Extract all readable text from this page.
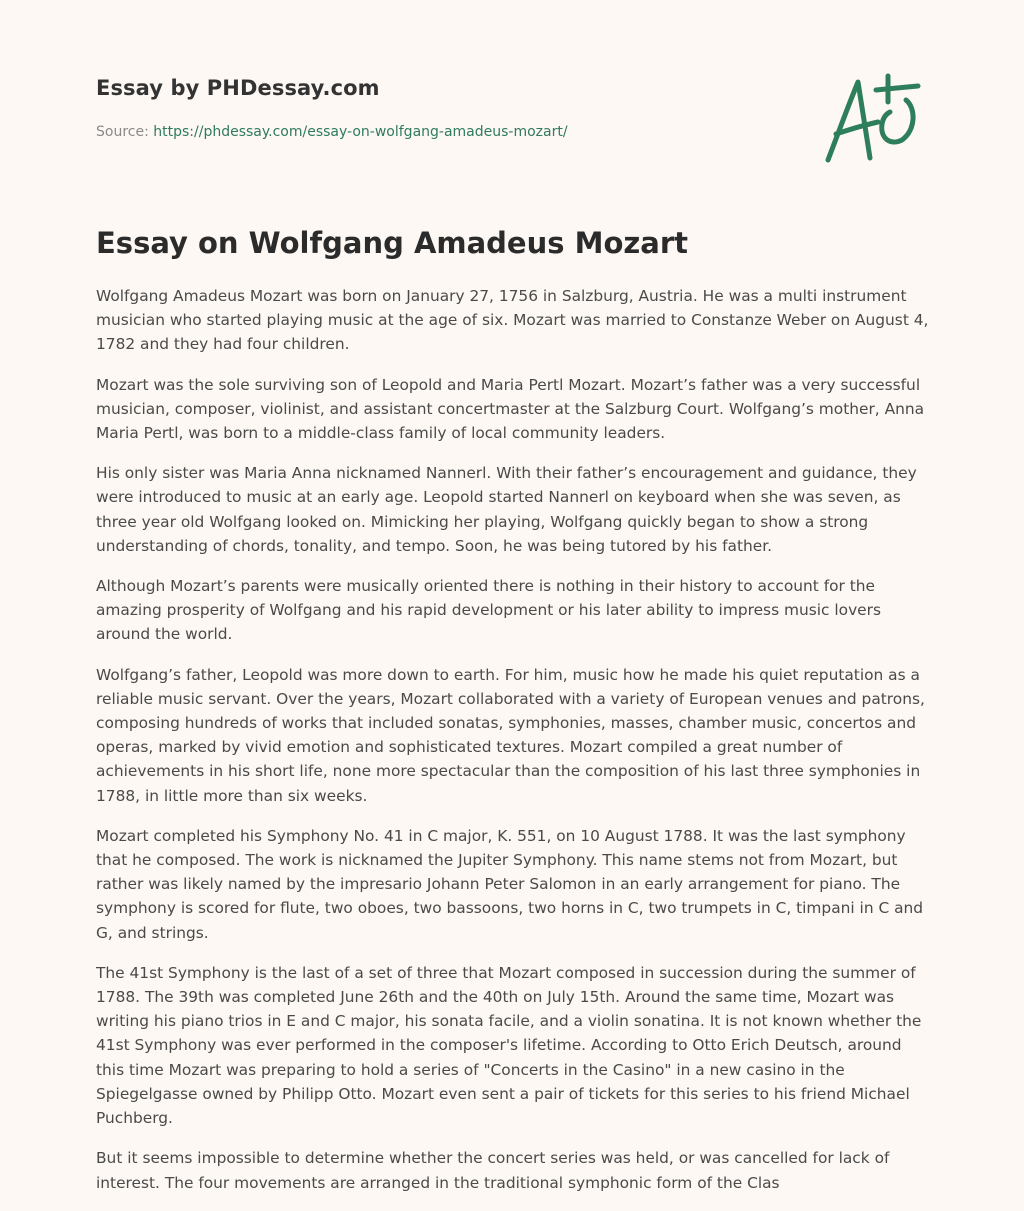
Essay by PHDessay.com
Source: https://phdessay.com/essay-on-wolfgang-amadeus-mozart/
Essay on Wolfgang Amadeus Mozart

Wolfgang Amadeus Mozart was born on January 27, 1756 in Salzburg, Austria. He was a multi instrument musician who started playing music at the age of six. Mozart was married to Constanze Weber on August 4, 1782 and they had four children.

Mozart was the sole surviving son of Leopold and Maria Pertl Mozart. Mozart’s father was a very successful musician, composer, violinist, and assistant concertmaster at the Salzburg Court. Wolfgang’s mother, Anna Maria Pertl, was born to a middle-class family of local community leaders.

His only sister was Maria Anna nicknamed Nannerl. With their father’s encouragement and guidance, they were introduced to music at an early age. Leopold started Nannerl on keyboard when she was seven, as three year old Wolfgang looked on. Mimicking her playing, Wolfgang quickly began to show a strong understanding of chords, tonality, and tempo. Soon, he was being tutored by his father.

Although Mozart’s parents were musically oriented there is nothing in their history to account for the amazing prosperity of Wolfgang and his rapid development or his later ability to impress music lovers around the world.

Wolfgang’s father, Leopold was more down to earth. For him, music how he made his quiet reputation as a reliable music servant. Over the years, Mozart collaborated with a variety of European venues and patrons, composing hundreds of works that included sonatas, symphonies, masses, chamber music, concertos and operas, marked by vivid emotion and sophisticated textures. Mozart compiled a great number of achievements in his short life, none more spectacular than the composition of his last three symphonies in 1788, in little more than six weeks.

Mozart completed his Symphony No. 41 in C major, K. 551, on 10 August 1788. It was the last symphony that he composed. The work is nicknamed the Jupiter Symphony. This name stems not from Mozart, but rather was likely named by the impresario Johann Peter Salomon in an early arrangement for piano. The symphony is scored for flute, two oboes, two bassoons, two horns in C, two trumpets in C, timpani in C and G, and strings.

The 41st Symphony is the last of a set of three that Mozart composed in succession during the summer of 1788. The 39th was completed June 26th and the 40th on July 15th. Around the same time, Mozart was writing his piano trios in E and C major, his sonata facile, and a violin sonatina. It is not known whether the 41st Symphony was ever performed in the composer's lifetime. According to Otto Erich Deutsch, around this time Mozart was preparing to hold a series of "Concerts in the Casino" in a new casino in the Spiegelgasse owned by Philipp Otto. Mozart even sent a pair of tickets for this series to his friend Michael Puchberg.

But it seems impossible to determine whether the concert series was held, or was cancelled for lack of interest. The four movements are arranged in the traditional symphonic form of the Clas
